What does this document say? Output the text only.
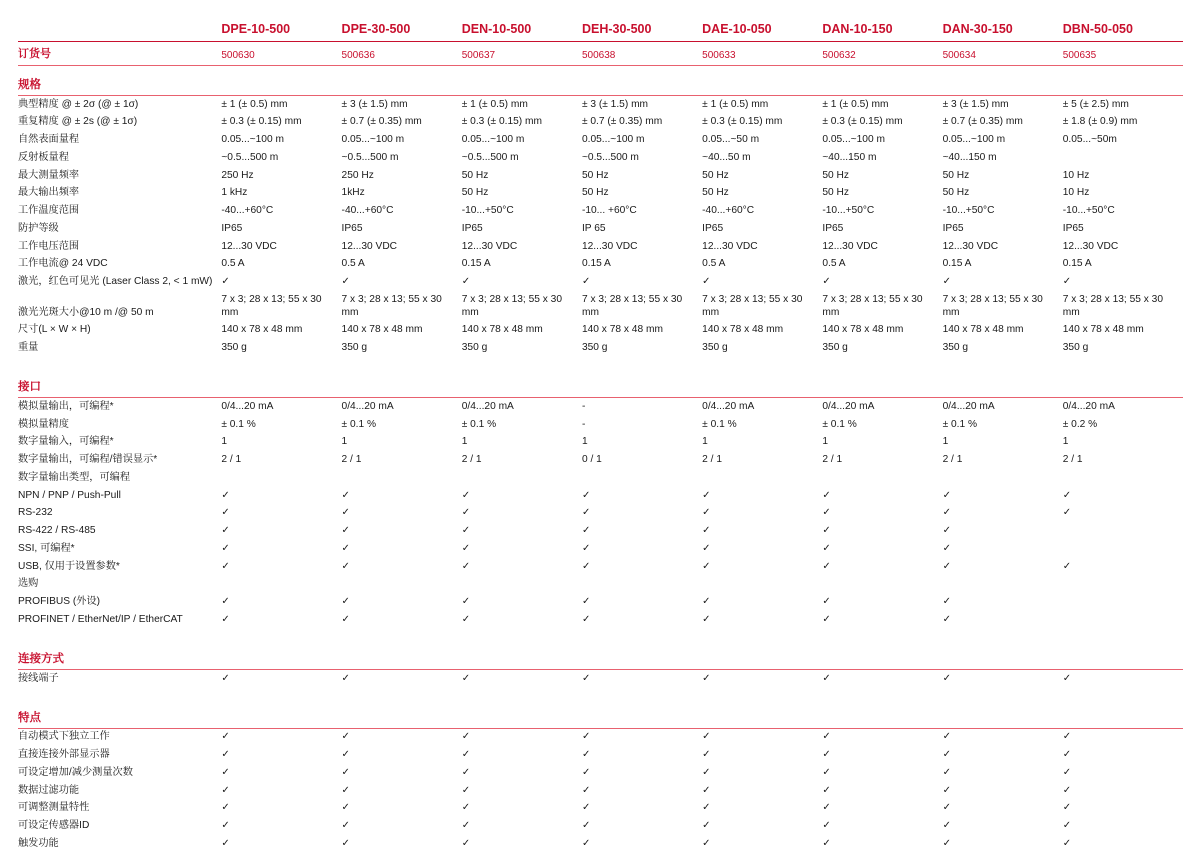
	DPE-10-500	DPE-30-500	DEN-10-500	DEH-30-500	DAE-10-050	DAN-10-150	DAN-30-150	DBN-50-050

订货号	500630	500636	500637	500638	500633	500632	500634	500635

规格								

典型精度 @ ± 2σ (@ ± 1σ)	± 1 (± 0.5) mm	± 3 (± 1.5) mm	± 1 (± 0.5) mm	± 3 (± 1.5) mm	± 1 (± 0.5) mm	± 1 (± 0.5) mm	± 3 (± 1.5) mm	± 5 (± 2.5) mm
重复精度 @ ± 2s (@ ± 1σ)	± 0.3 (± 0.15) mm	± 0.7 (± 0.35) mm	± 0.3 (± 0.15) mm	± 0.7 (± 0.35) mm	± 0.3 (± 0.15) mm	± 0.3 (± 0.15) mm	± 0.7 (± 0.35) mm	± 1.8 (± 0.9) mm
自然表面量程	0.05...~100 m	0.05...~100 m	0.05...~100 m	0.05...~100 m	0.05...~50 m	0.05...~100 m	0.05...~100 m	0.05...~50m
反射板量程	~0.5...500 m	~0.5...500 m	~0.5...500 m	~0.5...500 m	~40...50 m	~40...150 m	~40...150 m	
最大测量频率	250 Hz	250 Hz	50 Hz	50 Hz	50 Hz	50 Hz	50 Hz	10 Hz
最大输出频率	1 kHz	1kHz	50 Hz	50 Hz	50 Hz	50 Hz	50 Hz	10 Hz
工作温度范围	-40...+60°C	-40...+60°C	-10...+50°C	-10... +60°C	-40...+60°C	-10...+50°C	-10...+50°C	-10...+50°C
防护等级	IP65	IP65	IP65	IP 65	IP65	IP65	IP65	IP65
工作电压范围	12...30 VDC	12...30 VDC	12...30 VDC	12...30 VDC	12...30 VDC	12...30 VDC	12...30 VDC	12...30 VDC
工作电流@ 24 VDC	0.5 A	0.5 A	0.15 A	0.15 A	0.5 A	0.5 A	0.15 A	0.15 A
激光，红色可见光 (Laser Class 2, < 1 mW)	✓	✓	✓	✓	✓	✓	✓	✓
激光光斑大小@10 m /@ 50 m	7 x 3; 28 x 13; 55 x 30 mm	7 x 3; 28 x 13; 55 x 30 mm	7 x 3; 28 x 13; 55 x 30 mm	7 x 3; 28 x 13; 55 x 30 mm	7 x 3; 28 x 13; 55 x 30 mm	7 x 3; 28 x 13; 55 x 30 mm	7 x 3; 28 x 13; 55 x 30 mm	7 x 3; 28 x 13; 55 x 30 mm
尺寸(L × W × H)	140 x 78 x 48 mm	140 x 78 x 48 mm	140 x 78 x 48 mm	140 x 78 x 48 mm	140 x 78 x 48 mm	140 x 78 x 48 mm	140 x 78 x 48 mm	140 x 78 x 48 mm
重量	350 g	350 g	350 g	350 g	350 g	350 g	350 g	350 g

接口								

模拟量输出，可编程*	0/4...20 mA	0/4...20 mA	0/4...20 mA	-	0/4...20 mA	0/4...20 mA	0/4...20 mA	0/4...20 mA
模拟量精度	± 0.1 %	± 0.1 %	± 0.1 %	-	± 0.1 %	± 0.1 %	± 0.1 %	± 0.2 %
数字量输入，可编程*	1	1	1	1	1	1	1	1
数字量输出，可编程/错误显示*	2 / 1	2 / 1	2 / 1	0 / 1	2 / 1	2 / 1	2 / 1	2 / 1
数字量输出类型，可编程								
NPN / PNP / Push-Pull	✓	✓	✓	✓	✓	✓	✓	✓
RS-232	✓	✓	✓	✓	✓	✓	✓	✓
RS-422 / RS-485	✓	✓	✓	✓	✓	✓	✓	
SSI, 可编程*	✓	✓	✓	✓	✓	✓	✓	
USB, 仅用于设置参数*	✓	✓	✓	✓	✓	✓	✓	✓
选购								
PROFIBUS (外设)	✓	✓	✓	✓	✓	✓	✓	
PROFINET / EtherNet/IP / EtherCAT	✓	✓	✓	✓	✓	✓	✓	

连接方式								

接线端子	✓	✓	✓	✓	✓	✓	✓	✓

特点								

自动模式下独立工作	✓	✓	✓	✓	✓	✓	✓	✓
直接连接外部显示器	✓	✓	✓	✓	✓	✓	✓	✓
可设定增加/减少测量次数	✓	✓	✓	✓	✓	✓	✓	✓
数据过滤功能	✓	✓	✓	✓	✓	✓	✓	✓
可调整测量特性	✓	✓	✓	✓	✓	✓	✓	✓
可设定传感器ID	✓	✓	✓	✓	✓	✓	✓	✓
触发功能	✓	✓	✓	✓	✓	✓	✓	✓
